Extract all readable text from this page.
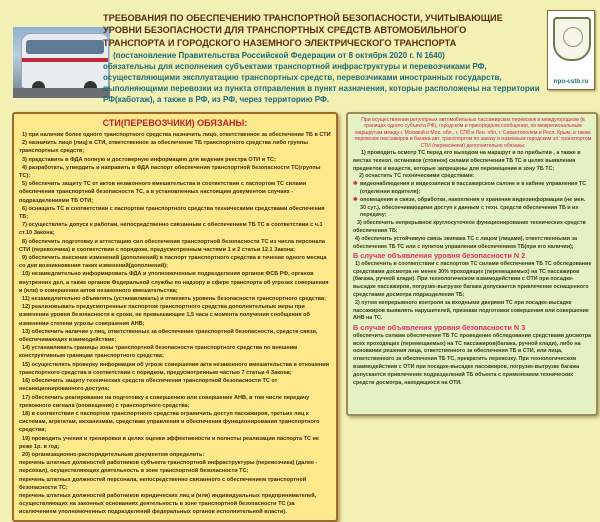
ТРЕБОВАНИЯ ПО ОБЕСПЕЧЕНИЮ ТРАНСПОРТНОЙ БЕЗОПАСНОСТИ, УЧИТЫВАЮЩИЕ
УРОВНИ БЕЗОПАСНОСТИ ДЛЯ ТРАНСПОРТНЫХ СРЕДСТВ АВТОМОБИЛЬНОГО
ТРАНСПОРТА И ГОРОДСКОГО НАЗЕМНОГО ЭЛЕКТРИЧЕСКОГО ТРАНСПОРТА
(постановление Правительства Российской Федерации от 8 октября 2020 г. N 1640)
обязательны для исполнения субъектами транспортной инфраструктуры и перевозчиками РФ, осуществляющими эксплуатацию транспортных средств, перевозчиками иностранных государств, выполняющими перевозки из пункта отправления в пункт назначения, которые расположены на территории РФ(каботаж), а также в РФ, из РФ, через территорию РФ.
npo-cstb.ru
СТИ(ПЕРЕВОЗЧИКИ) ОБЯЗАНЫ:
1) при наличии более одного транспортного средства назначить лицо, ответственное за обеспечение ТБ в СТИ
2) назначить лицо (лиц) в СТИ, ответственное за обеспечение ТБ транспортного средства либо группы транспортных средств;
3) представить в ФДА полную и достоверную информацию для ведения реестра ОТИ и ТС;
4) разработать, утвердить и направить в ФДА паспорт обеспечения транспортной безопасности ТС(группы ТС);
5) обеспечить защиту ТС от актов незаконного вмешательства в соответствии с паспортом ТС силами обеспечения транспортной безопасности ТС, а в установленных настоящим документом случаях - подразделениями ТБ ОТИ;
6) оснащать ТС в соответствии с паспортом транспортного средства техническими средствами обеспечения ТБ;
7) осуществлять допуск к работам, непосредственно связанным с обеспечением ТБ ТС в соответствии с ч.1 ст.10 Закона;
8) обеспечить подготовку и аттестацию сил обеспечения транспортной безопасности ТС из числа персонала СТИ (перевозчика) в соответствии с порядком, предусмотренным частями 1 и 2 статьи 12.1 Закона;
9) обеспечить внесение изменений (дополнений) в паспорт транспортного средства в течение одного месяца со дня возникновения таких изменений(дополнений);
10) незамедлительно информировать ФДА и уполномоченные подразделения органов ФСБ РФ, органов внутренних дел, а также органов Федеральной службы по надзору в сфере транспорта об угрозах совершения и (или) о совершении актов незаконного вмешательства;
11) незамедлительно объявлять (устанавливать) и отменять уровень безопасности транспортного средства;
12) реализовывать предусмотренные паспортом транспортного средства дополнительные меры при изменении уровня безопасности в сроки, не превышающие 1,5 часа с момента получения сообщения об изменении степени угрозы совершения АНВ;
13) обеспечить наличие у лиц, ответственных за обеспечение транспортной безопасности, средств связи, обеспечивающих взаимодействие;
14) устанавливать границы зоны транспортной безопасности транспортного средства по внешним конструктивным границам транспортного средства;
15) осуществлять проверку информации об угрозе совершения акта незаконного вмешательства в отношении транспортного средства в соответствии с порядком, предусмотренным частью 7 статьи 4 Закона;
16) обеспечить защиту технических средств обеспечения транспортной безопасности ТС от несанкционированного доступа;
17) обеспечить реагирование на подготовку к совершению или совершение АНВ, в том числе передачу тревожного сигнала (оповещение) с транспортного средства;
18) в соответствии с паспортом транспортного средства ограничить доступ пассажиров, третьих лиц к системам, агрегатам, механизмам, средствам управления и обеспечения функционирования транспортного средства;
19) проводить учения и тренировки в целях оценки эффективности и полноты реализации паспорта ТС не реже 1р. в год;
20) организационно-распорядительным документом определить:
перечень штатных должностей работников субъекта транспортной инфраструктуры (перевозчика) (далее - персонал), осуществляющих деятельность в зоне транспортной безопасности ТС;
перечень штатных должностей персонала, непосредственно связанного с обеспечением транспортной безопасности ТС;
перечень штатных должностей работников юридических лиц и (или) индивидуальных предпринимателей, осуществляющих на законных основаниях деятельность в зоне транспортной безопасности ТС (за исключением уполномоченных подразделений федеральных органов исполнительной власти).
При осуществлении регулярных автомобильных пассажирских перевозок в междугородном (в границах одного субъекта РФ), городском и пригородном сообщении, по межрегиональным маршрутам между г. Москвой и Мос. обл., г. СПб и Лен. обл, г. Севастополем и Респ. Крым, а также перевозок пассажиров и багажа авт. транспортом по заказу и наземным городским эл. транспортом СТИ (перевозчики) дополнительно обязаны:
1) проводить осмотр ТС перед его выходом на маршрут и по прибытии , а также в местах технол. остановок (стоянок) силами обеспечения ТБ ТС в целях выявления предметов и веществ, которые запрещены для перемещения в зону ТБ ТС;
2) оснастить ТС техническими средствами:
✱ видеонаблюдения и видеозаписи в пассажирском салоне и в кабине управления ТС (отделении водителя);
✱ оповещения и связи, обработки, накопления и хранения видеоинформации (не мен. 30 сут.), обеспечивающими доступ к данным с техн. средств обеспечения ТБ и их передачу;
3) обеспечить непрерывное круглосуточное функционирование технических средств обеспечения ТБ;
4) обеспечить устойчивую связь экипажа ТС с лицом (лицами), ответственными за обеспечение ТБ ТС или с пунктом управления обеспечением ТБ(при его наличии);
В случае объявления уровня безопасности N 2
1) обеспечить в соответствии с паспортом ТС силами обеспечения ТБ ТС обследование средствами досмотра не менее 30% проходящих (перемещаемых) на ТС пассажиров (багажа, ручной клади). При технологическом взаимодействии с ОТИ при посадке-высадке пассажиров, погрузке-выгрузке багажа допускается привлечение оснащенного средствами досмотра подразделения ТБ;
2) путем непрерывного контроля за входными дверями ТС при посадке-высадке пассажиров выявлять нарушителей, признаки подготовки совершения или совершение АНВ на ТС.
В случае объявления уровня безопасности N 3
обеспечить силами обеспечения ТБ ТС проведение обследования средствами досмотра всех проходящих (перемещаемых) на ТС пассажиров(багажа, ручной клади), либо на основании решения лица, ответственного за обеспечения ТБ в СТИ, или лица, ответственного за обеспечения ТБ ТС, прекратить перевозку. При технологическом взаимодействии с ОТИ при посадке-высадке пассажиров, погрузке-выгрузке багажа допускается привлечение подразделений ТБ объекта с применением технических средств досмотра, находящихся на ОТИ.
